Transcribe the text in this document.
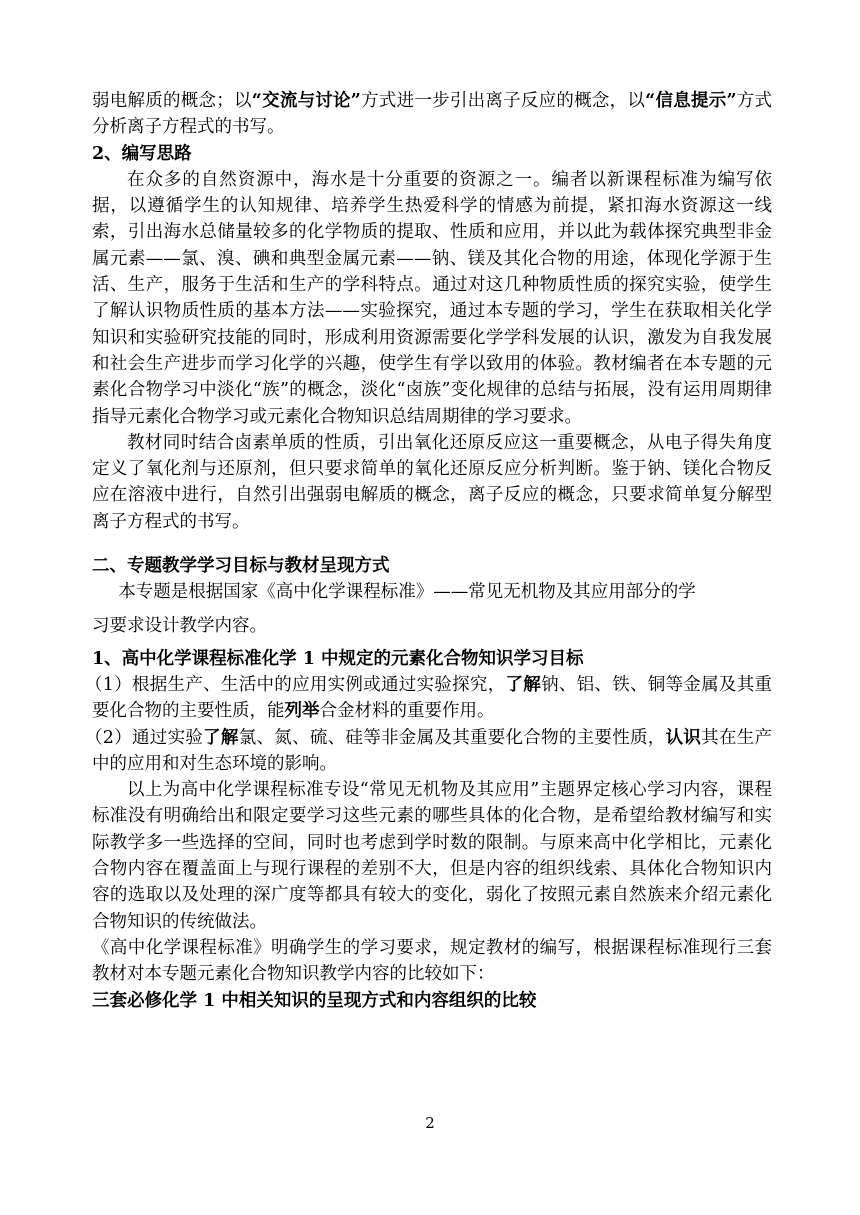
弱电解质的概念；以“交流与讨论”方式进一步引出离子反应的概念，以“信息提示”方式分析离子方程式的书写。

2、编写思路

在众多的自然资源中，海水是十分重要的资源之一。编者以新课程标准为编写依据，以遵循学生的认知规律、培养学生热爱科学的情感为前提，紧扣海水资源这一线索，引出海水总储量较多的化学物质的提取、性质和应用，并以此为载体探究典型非金属元素——氯、溴、碘和典型金属元素——钠、镁及其化合物的用途，体现化学源于生活、生产，服务于生活和生产的学科特点。通过对这几种物质性质的探究实验，使学生了解认识物质性质的基本方法——实验探究，通过本专题的学习，学生在获取相关化学知识和实验研究技能的同时，形成利用资源需要化学学科发展的认识，激发为自我发展和社会生产进步而学习化学的兴趣，使学生有学以致用的体验。教材编者在本专题的元素化合物学习中淡化“族”的概念，淡化“卤族”变化规律的总结与拓展，没有运用周期律指导元素化合物学习或元素化合物知识总结周期律的学习要求。

教材同时结合卤素单质的性质，引出氧化还原反应这一重要概念，从电子得失角度定义了氧化剂与还原剂，但只要求简单的氧化还原反应分析判断。鉴于钠、镁化合物反应在溶液中进行，自然引出强弱电解质的概念，离子反应的概念，只要求简单复分解型离子方程式的书写。

二、专题教学学习目标与教材呈现方式

本专题是根据国家《高中化学课程标准》——常见无机物及其应用部分的学

习要求设计教学内容。

1、高中化学课程标准化学 1 中规定的元素化合物知识学习目标

（1）根据生产、生活中的应用实例或通过实验探究，了解钠、铝、铁、铜等金属及其重要化合物的主要性质，能列举合金材料的重要作用。

（2）通过实验了解氯、氮、硫、硅等非金属及其重要化合物的主要性质，认识其在生产中的应用和对生态环境的影响。

以上为高中化学课程标准专设“常见无机物及其应用”主题界定核心学习内容，课程标准没有明确给出和限定要学习这些元素的哪些具体的化合物，是希望给教材编写和实际教学多一些选择的空间，同时也考虑到学时数的限制。与原来高中化学相比，元素化合物内容在覆盖面上与现行课程的差别不大，但是内容的组织线索、具体化合物知识内容的选取以及处理的深广度等都具有较大的变化，弱化了按照元素自然族来介绍元素化合物知识的传统做法。

《高中化学课程标准》明确学生的学习要求，规定教材的编写，根据课程标准现行三套教材对本专题元素化合物知识教学内容的比较如下：

三套必修化学 1 中相关知识的呈现方式和内容组织的比较

2
